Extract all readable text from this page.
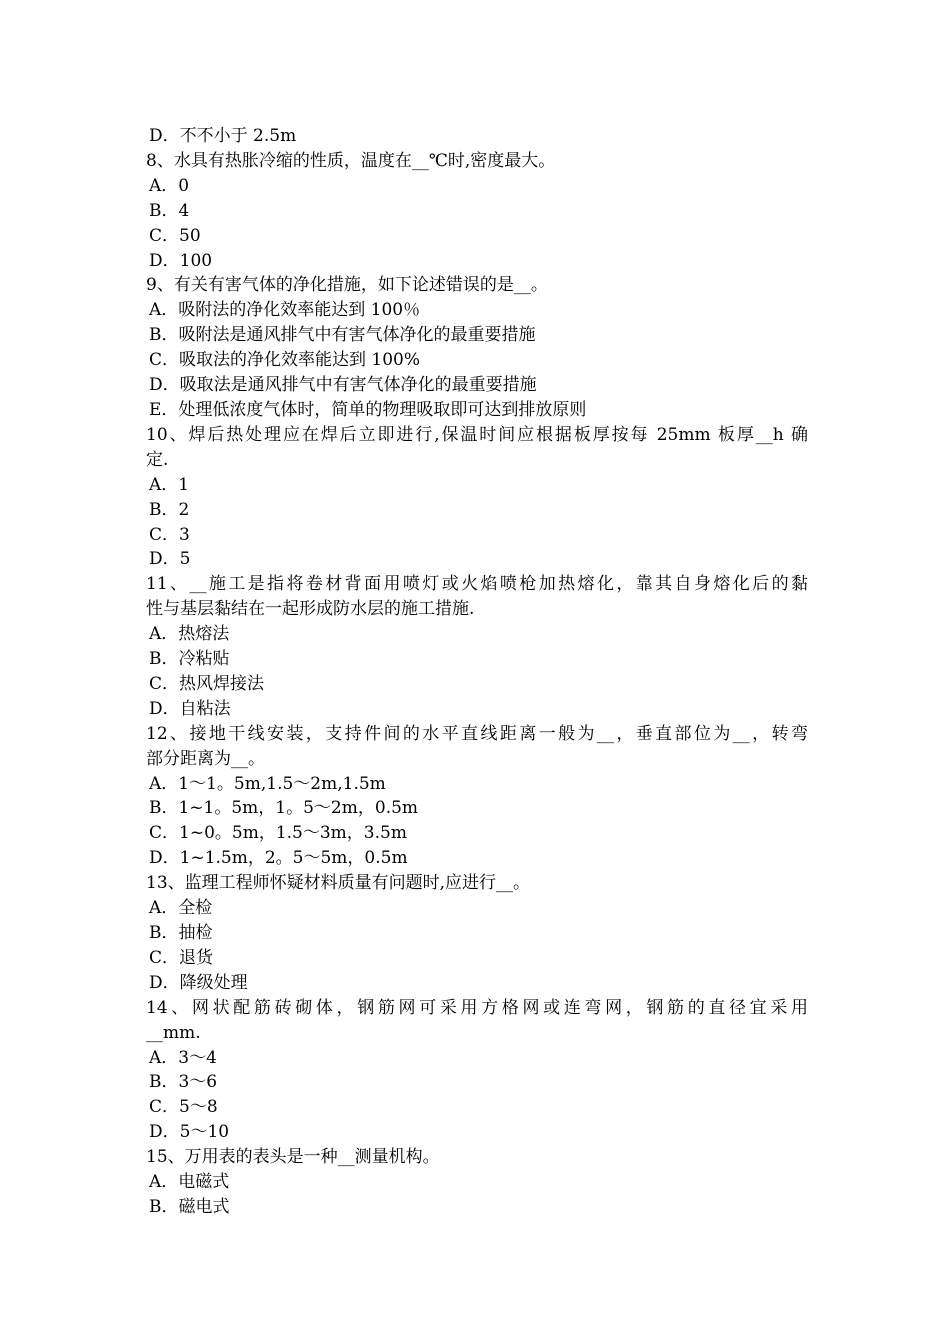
D．不不小于 2.5m
8、水具有热胀冷缩的性质，温度在__℃时,密度最大。
A．0
B．4
C．50
D．100
9、有关有害气体的净化措施，如下论述错误的是__。
A．吸附法的净化效率能达到 100％
B．吸附法是通风排气中有害气体净化的最重要措施
C．吸取法的净化效率能达到 100%
D．吸取法是通风排气中有害气体净化的最重要措施
E．处理低浓度气体时，简单的物理吸取即可达到排放原则
10、焊后热处理应在焊后立即进行,保温时间应根据板厚按每 25mm 板厚__h 确
定.
A．1
B．2
C．3
D．5
11、__施工是指将卷材背面用喷灯或火焰喷枪加热熔化，靠其自身熔化后的黏
性与基层黏结在一起形成防水层的施工措施.
A．热熔法
B．冷粘贴
C．热风焊接法
D．自粘法
12、接地干线安装，支持件间的水平直线距离一般为__，垂直部位为__，转弯
部分距离为__。
A．1～1。5m,1.5～2m,1.5m
B．1~1。5m，1。5～2m，0.5m
C．1~0。5m，1.5～3m，3.5m
D．1~1.5m，2。5～5m，0.5m
13、监理工程师怀疑材料质量有问题时,应进行__。
A．全检
B．抽检
C．退货
D．降级处理
14、网状配筋砖砌体，钢筋网可采用方格网或连弯网，钢筋的直径宜采用
__mm.
A．3～4
B．3～6
C．5～8
D．5～10
15、万用表的表头是一种__测量机构。
A．电磁式
B．磁电式
